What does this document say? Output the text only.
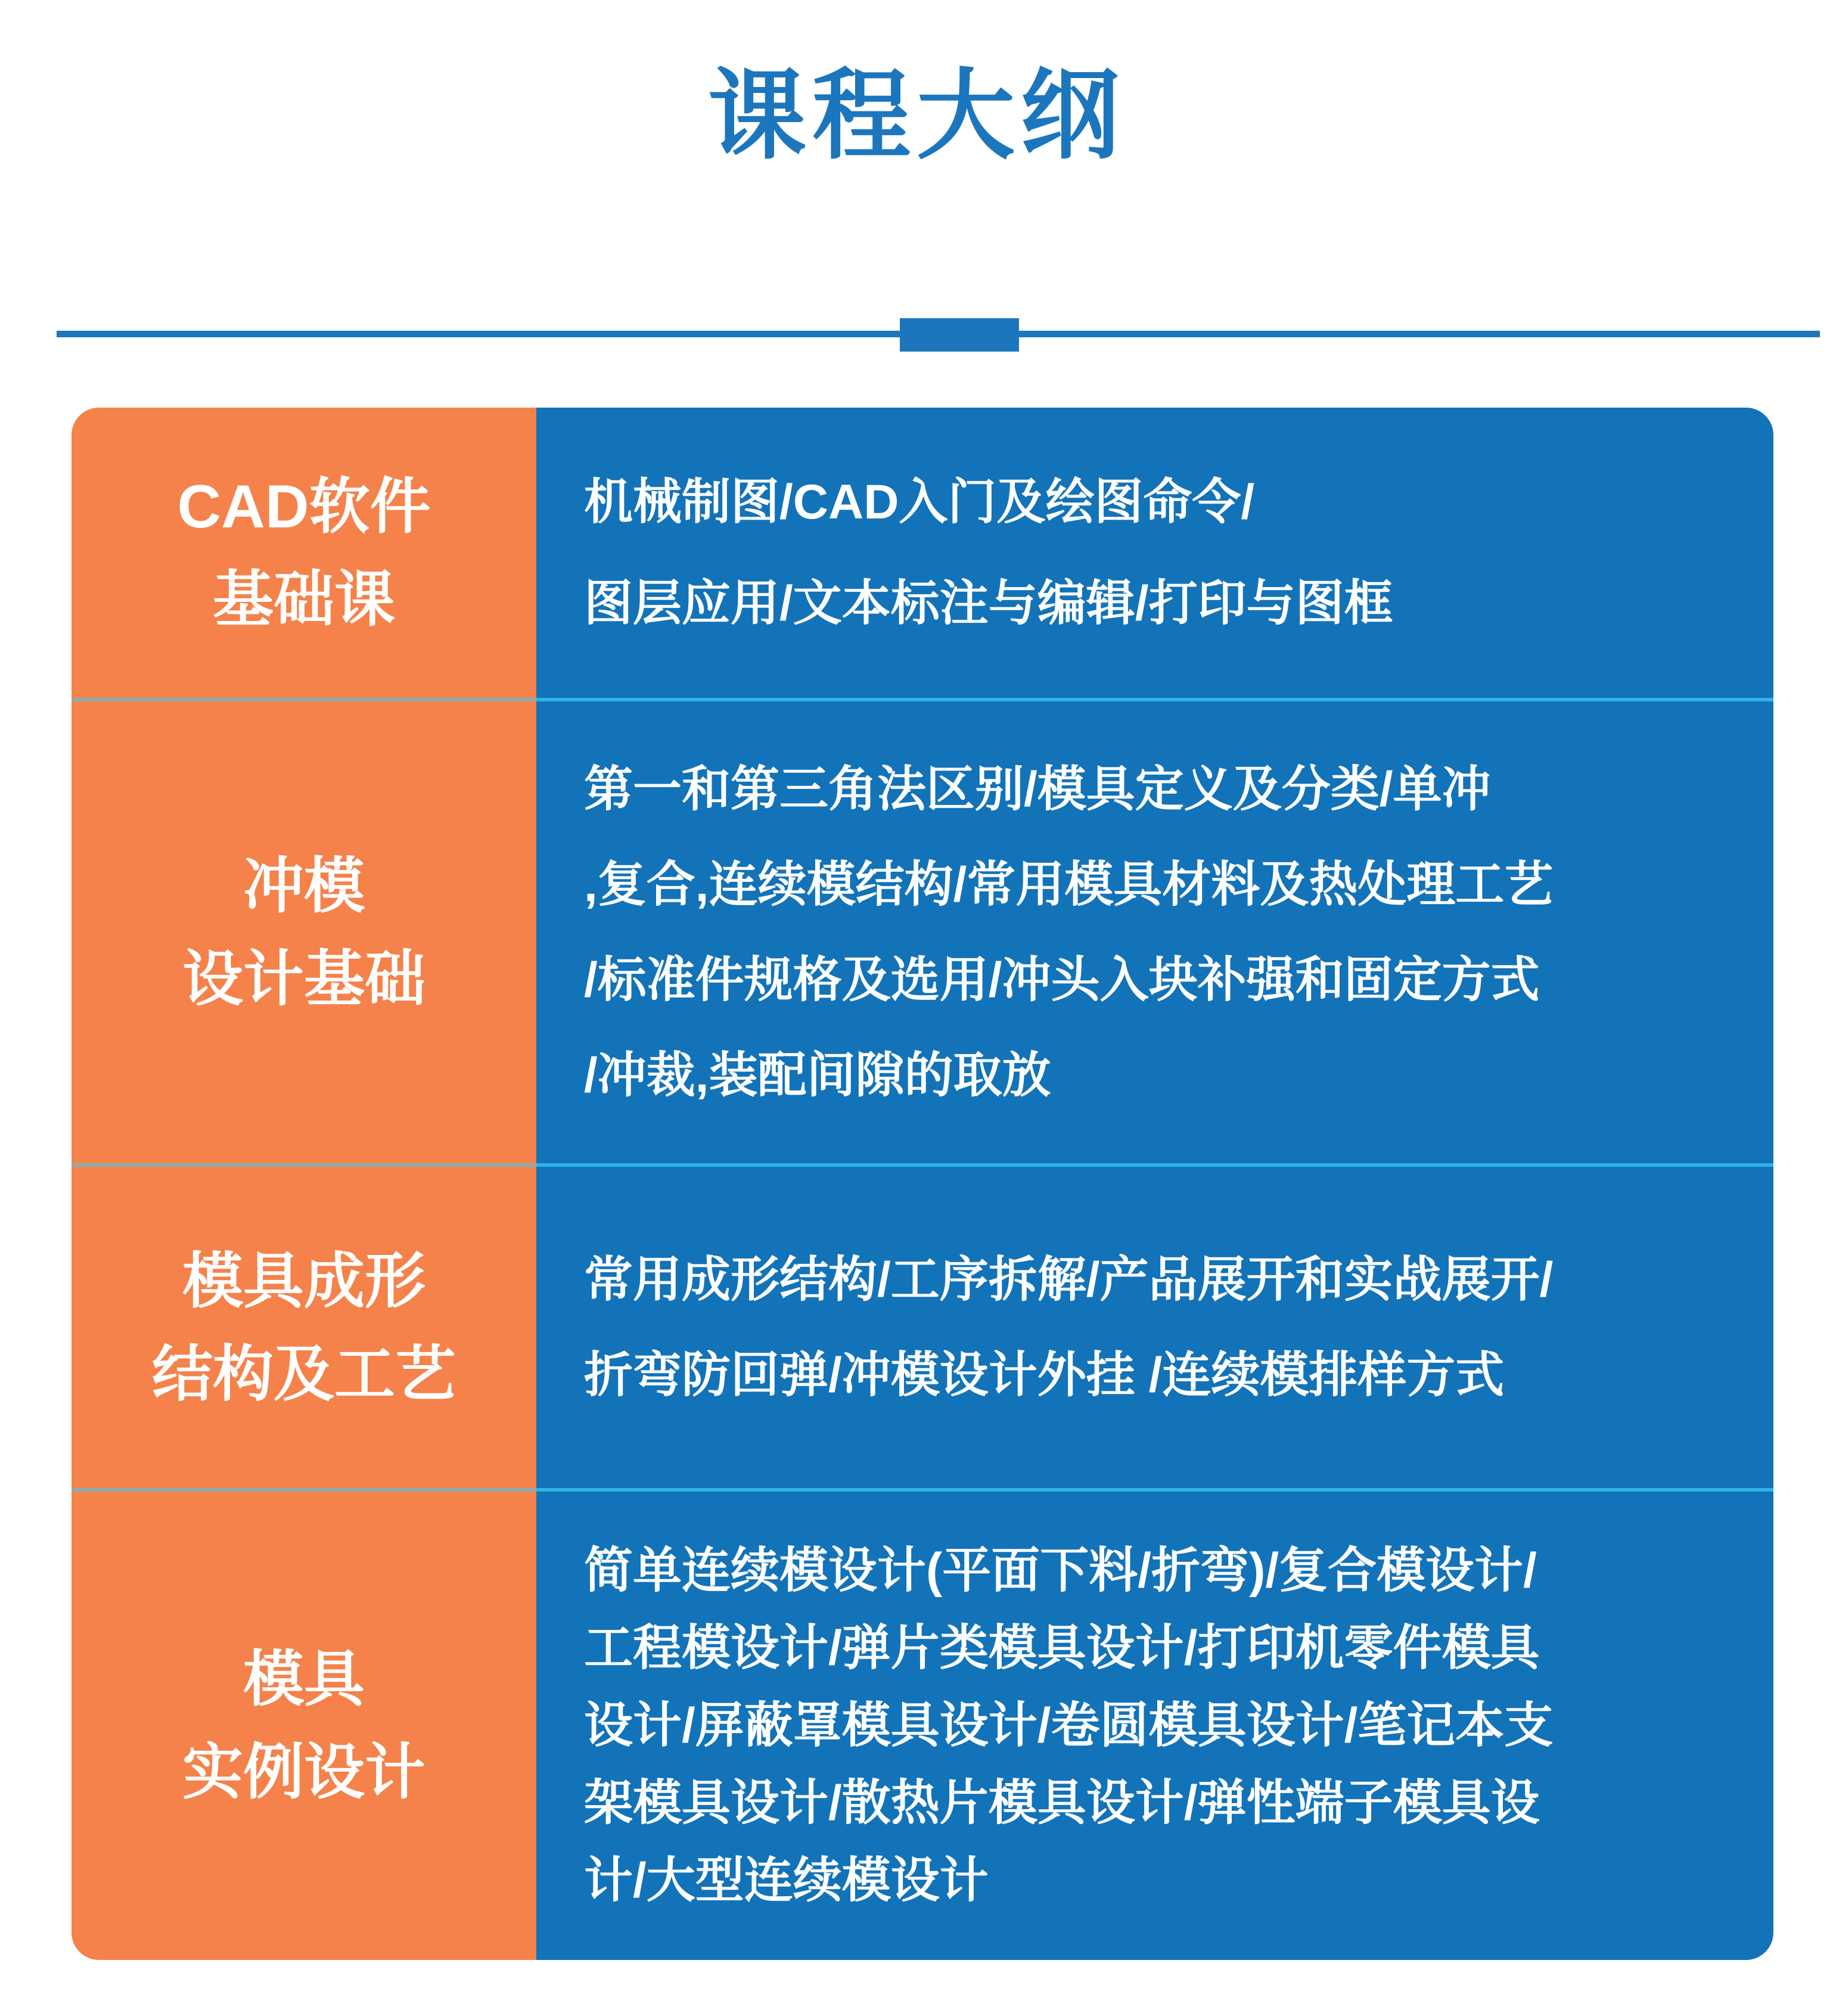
课程大纲
CAD软件
基础课
机械制图/CAD入门及绘图命令/
图层应用/文本标注与编辑/打印与图框
冲模
设计基础
第一和第三角法区别/模具定义及分类/单冲
,复合,连续模结构/常用模具材料及热处理工艺
/标准件规格及选用/冲头入块补强和固定方式
/冲裁,装配间隙的取放
模具成形
结构及工艺
常用成形结构/工序拆解/产品展开和实战展开/
折弯防回弹/冲模设计外挂 /连续模排样方式
模具
实例设计
简单连续模设计(平面下料/折弯)/复合模设计/
工程模设计/弹片类模具设计/打印机零件模具
设计/屏蔽罩模具设计/卷圆模具设计/笔记本支
架模具设计/散热片模具设计/弹性端子模具设
计/大型连续模设计
